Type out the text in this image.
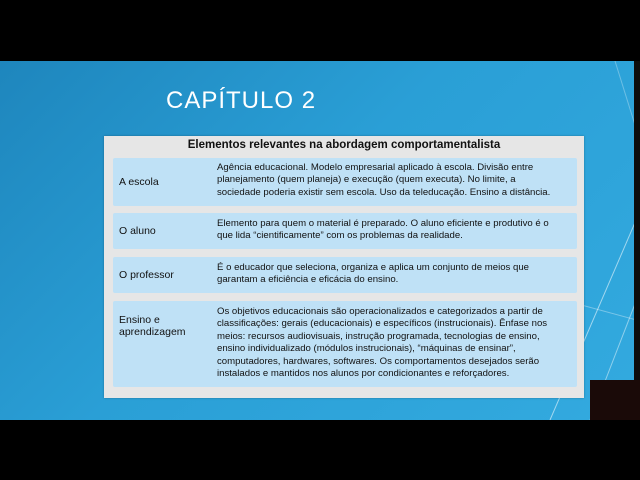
CAPÍTULO 2
Elementos relevantes na abordagem comportamentalista
A escola
Agência educacional. Modelo empresarial aplicado à escola. Divisão entre
planejamento (quem planeja) e execução (quem executa). No limite, a
sociedade poderia existir sem escola. Uso da teleducação. Ensino a distância.
O aluno
Elemento para quem o material é preparado. O aluno eficiente e produtivo é o
que lida “cientificamente” com os problemas da realidade.
O professor
É o educador que seleciona, organiza e aplica um conjunto de meios que
garantam a eficiência e eficácia do ensino.
Ensino e
aprendizagem
Os objetivos educacionais são operacionalizados e categorizados a partir de
classificações: gerais (educacionais) e específicos (instrucionais). Ênfase nos
meios: recursos audiovisuais, instrução programada, tecnologias de ensino,
ensino individualizado (módulos instrucionais), “máquinas de ensinar”,
computadores, hardwares, softwares. Os comportamentos desejados serão
instalados e mantidos nos alunos por condicionantes e reforçadores.
